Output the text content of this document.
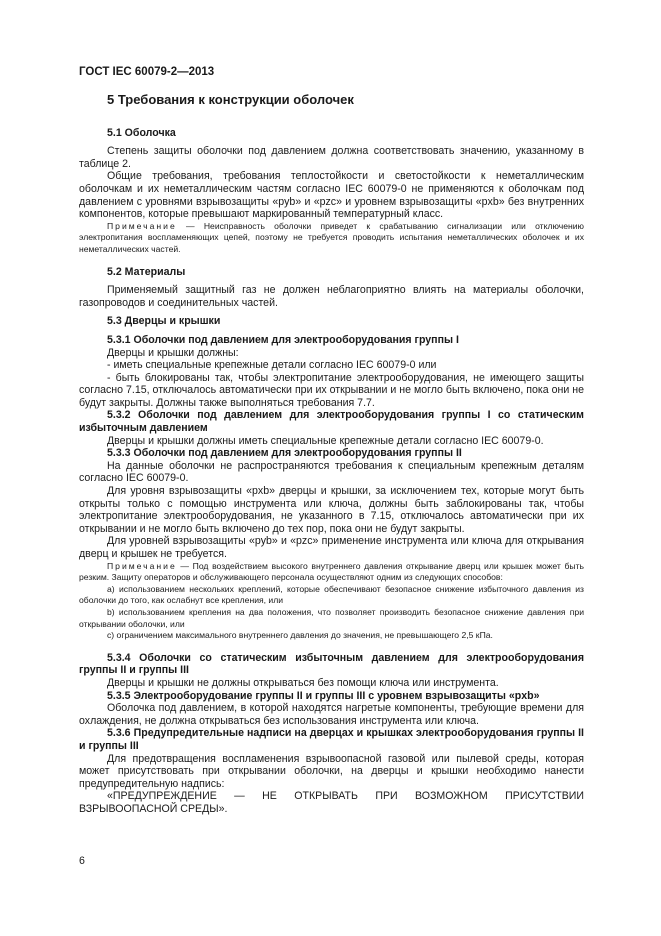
ГОСТ IEC 60079-2—2013
5 Требования к конструкции оболочек
5.1 Оболочка

Степень защиты оболочки под давлением должна соответствовать значению, указанному в таблице 2.

Общие требования, требования теплостойкости и светостойкости к неметаллическим оболочкам и их неметаллическим частям согласно IEC 60079-0 не применяются к оболочкам под давлением с уровнями взрывозащиты «pyb» и «pzc» и уровнем взрывозащиты «pxb» без внутренних компонентов, которые превышают маркированный температурный класс.

Примечание — Неисправность оболочки приведет к срабатыванию сигнализации или отключению электропитания воспламеняющих цепей, поэтому не требуется проводить испытания неметаллических оболочек и их неметаллических частей.
5.2 Материалы

Применяемый защитный газ не должен неблагоприятно влиять на материалы оболочки, газопроводов и соединительных частей.

5.3 Дверцы и крышки
5.3.1 Оболочки под давлением для электрооборудования группы I

Дверцы и крышки должны:

- иметь специальные крепежные детали согласно IEC 60079-0 или

- быть блокированы так, чтобы электропитание электрооборудования, не имеющего защиты согласно 7.15, отключалось автоматически при их открывании и не могло быть включено, пока они не будут закрыты. Должны также выполняться требования 7.7.

5.3.2 Оболочки под давлением для электрооборудования группы I со статическим избыточным давлением

Дверцы и крышки должны иметь специальные крепежные детали согласно IEC 60079-0.

5.3.3 Оболочки под давлением для электрооборудования группы II

На данные оболочки не распространяются требования к специальным крепежным деталям согласно IEC 60079-0.

Для уровня взрывозащиты «pxb» дверцы и крышки, за исключением тех, которые могут быть открыты только с помощью инструмента или ключа, должны быть заблокированы так, чтобы электропитание электрооборудования, не указанного в 7.15, отключалось автоматически при их открывании и не могло быть включено до тех пор, пока они не будут закрыты.

Для уровней взрывозащиты «pyb» и «pzc» применение инструмента или ключа для открывания дверц и крышек не требуется.

Примечание — Под воздействием высокого внутреннего давления открывание дверц или крышек может быть резким. Защиту операторов и обслуживающего персонала осуществляют одним из следующих способов:
a) использованием нескольких креплений, которые обеспечивают безопасное снижение избыточного давления из оболочки до того, как ослабнут все крепления, или
b) использованием крепления на два положения, что позволяет производить безопасное снижение давления при открывании оболочки, или
c) ограничением максимального внутреннего давления до значения, не превышающего 2,5 кПа.

5.3.4 Оболочки со статическим избыточным давлением для электрооборудования группы II и группы III

Дверцы и крышки не должны открываться без помощи ключа или инструмента.

5.3.5 Электрооборудование группы II и группы III с уровнем взрывозащиты «pxb»

Оболочка под давлением, в которой находятся нагретые компоненты, требующие времени для охлаждения, не должна открываться без использования инструмента или ключа.

5.3.6 Предупредительные надписи на дверцах и крышках электрооборудования группы II и группы III

Для предотвращения воспламенения взрывоопасной газовой или пылевой среды, которая может присутствовать при открывании оболочки, на дверцы и крышки необходимо нанести предупредительную надпись:

«ПРЕДУПРЕЖДЕНИЕ — НЕ ОТКРЫВАТЬ ПРИ ВОЗМОЖНОМ ПРИСУТСТВИИ ВЗРЫВООПАСНОЙ СРЕДЫ».

6
